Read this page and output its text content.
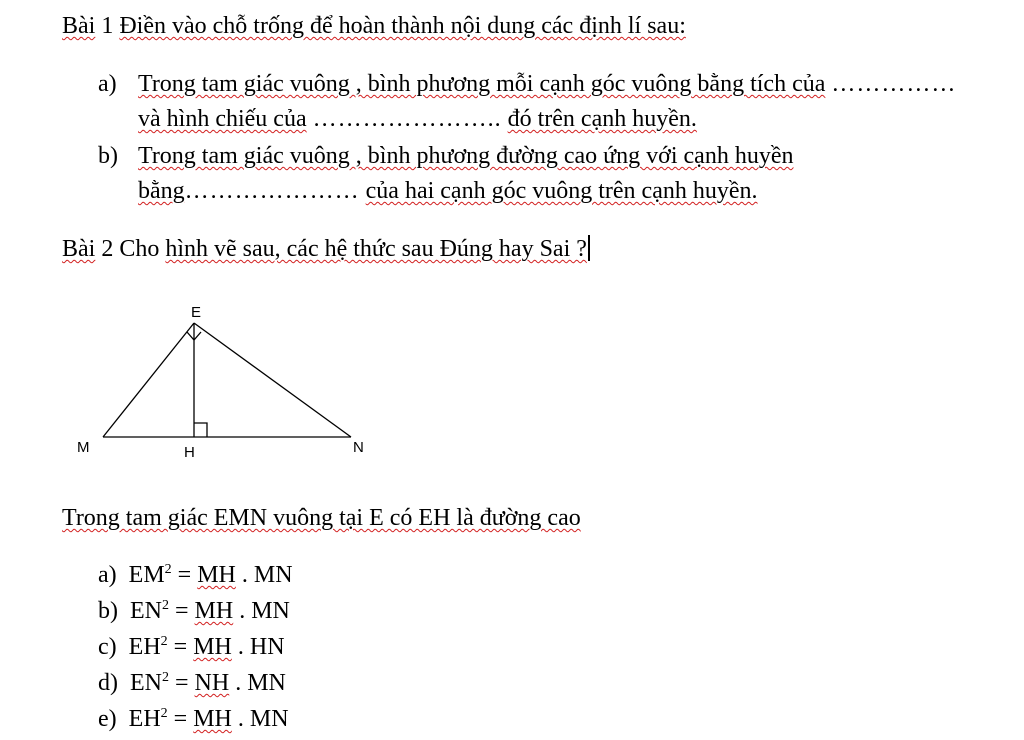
Bài 1 Điền vào chỗ trống để hoàn thành nội dung các định lí sau:
a) Trong tam giác vuông , bình phương mỗi cạnh góc vuông bằng tích của ……………
và hình chiếu của ………………….. đó trên cạnh huyền.
b) Trong tam giác vuông , bình phương đường cao ứng với cạnh huyền
bằng………………… của hai cạnh góc vuông trên cạnh huyền.
Bài 2 Cho hình vẽ sau, các hệ thức sau Đúng hay Sai ?
E
M	H	N
Trong tam giác EMN vuông tại E có EH là đường cao
a) $EM^2$ = MH . MN
b) $EN^2$ = MH . MN
c) $EH^2$ = MH . HN
d) $EN^2$ = NH . MN
e) $EH^2$ = MH . MN
